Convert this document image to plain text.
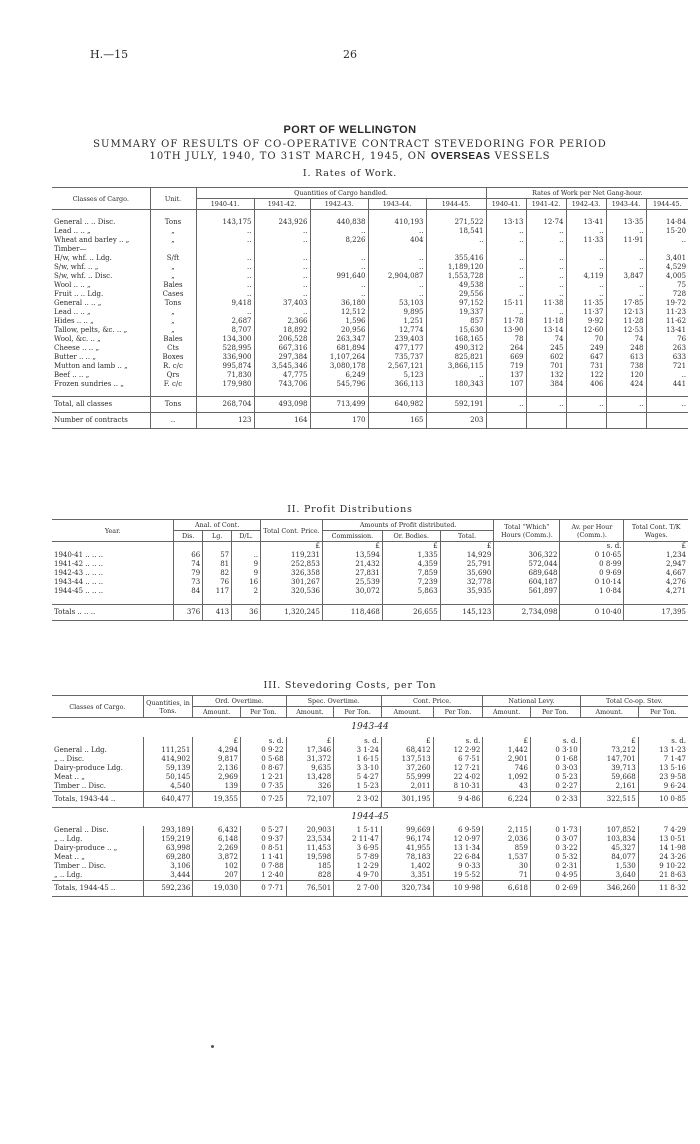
H.—15	26
PORT OF WELLINGTON
SUMMARY OF RESULTS OF CO-OPERATIVE CONTRACT STEVEDORING FOR PERIOD
10TH JULY, 1940, TO 31ST MARCH, 1945, ON OVERSEAS VESSELS
I. Rates of Work.
Classes of Cargo.	Unit.	Quantities of Cargo handled.					Rates of Work per Net Gang-hour.				
		1940-41.	1941-42.	1942-43.	1943-44.	1944-45.	1940-41.	1941-42.	1942-43.	1943-44.	1944-45.

General .. .. Disc.	Tons	143,175	243,926	440,838	410,193	271,522	13·13	12·74	13·41	13·35	14·84
Lead .. .. „	„	..	..	..	..	18,541	..	..	..	..	15·20
Wheat and barley .. „	„	..	..	8,226	404	..	..	..	11·33	11·91	..
Timber—											
H/w, whf. .. Ldg.	S/ft	..	..	..	..	355,416	..	..	..	..	3,401
S/w, whf. .. „	„	..	..	..	..	1,189,120	..	..	..	..	4,529
S/w, whf. .. Disc.	„	..	..	991,640	2,904,087	1,553,728	..	..	4,119	3,847	4,005
Wool .. .. „	Bales	..	..	..	..	49,538	..	..	..	..	75
Fruit .. .. Ldg.	Cases	..	..	..	..	29,556	..	..	..	..	728
General .. .. „	Tons	9,418	37,403	36,180	53,103	97,152	15·11	11·38	11·35	17·85	19·72
Lead .. .. „	„	..	..	12,512	9,895	19,337	..	..	11·37	12·13	11·23
Hides .. .. „	„	2,687	2,366	1,596	1,251	857	11·78	11·18	9·92	11·28	11·62
Tallow, pelts, &c. .. „	„	8,707	18,892	20,956	12,774	15,630	13·90	13·14	12·60	12·53	13·41
Wool, &c. .. „	Bales	134,300	206,528	263,347	239,403	168,165	78	74	70	74	76
Cheese .. .. „	Cts	528,995	667,316	681,894	477,177	490,312	264	245	249	248	263
Butter .. .. „	Boxes	336,900	297,384	1,107,264	735,737	825,821	669	602	647	613	633
Mutton and lamb .. „	R. c/c	995,874	3,545,346	3,080,178	2,567,121	3,866,115	719	701	731	738	721
Beef .. .. „	Qrs	71,830	47,775	6,249	5,123	..	137	132	122	120	..
Frozen sundries .. „	F. c/c	179,980	743,706	545,796	366,113	180,343	107	384	406	424	441

Total, all classes	Tons	268,704	493,098	713,499	640,982	592,191	..	..	..	..	..
Number of contracts	..	123	164	170	165	203					
II. Profit Distributions
Year.	Anal. of Cont.			Total Cont. Price.	Amounts of Profit distributed.			Total “Which” Hours (Comm.).	Av. per Hour (Comm.).	Total Cont. T/K Wages.
	Dis.	Lg.	D/L.		Commission.	Or. Bodies.	Total.			
				£	£	£	£		s. d.	£
1940-41 .. .. ..	66	57	..	119,231	13,594	1,335	14,929	306,322	0 10·65	1,234
1941-42 .. .. ..	74	81	9	252,853	21,432	4,359	25,791	572,044	0 8·99	2,947
1942-43 .. .. ..	79	82	9	326,358	27,831	7,859	35,690	689,648	0 9·69	4,667
1943-44 .. .. ..	73	76	16	301,267	25,539	7,239	32,778	604,187	0 10·14	4,276
1944-45 .. .. ..	84	117	2	320,536	30,072	5,863	35,935	561,897	1 0·84	4,271

Totals .. .. ..	376	413	36	1,320,245	118,468	26,655	145,123	2,734,098	0 10·40	17,395
III. Stevedoring Costs, per Ton
Classes of Cargo.	Quantities, in Tons.	Ord. Overtime.		Spec. Overtime.		Cont. Price.		National Levy.		Total Co-op. Stev.	
		Amount.	Per Ton.	Amount.	Per Ton.	Amount.	Per Ton.	Amount.	Per Ton.	Amount.	Per Ton.
1943-44											
		£	s. d.	£	s. d.	£	s. d.	£	s. d.	£	s. d.
General .. Ldg.	111,251	4,294	0 9·22	17,346	3 1·24	68,412	12 2·92	1,442	0 3·10	73,212	13 1·23
„ .. Disc.	414,902	9,817	0 5·68	31,372	1 6·15	137,513	6 7·51	2,901	0 1·68	147,701	7 1·47
Dairy-produce Ldg.	59,139	2,136	0 8·67	9,635	3 3·10	37,260	12 7·21	746	0 3·03	39,713	13 5·16
Meat .. „	50,145	2,969	1 2·21	13,428	5 4·27	55,999	22 4·02	1,092	0 5·23	59,668	23 9·58
Timber .. Disc.	4,540	139	0 7·35	326	1 5·23	2,011	8 10·31	43	0 2·27	2,161	9 6·24
Totals, 1943-44 ..	640,477	19,355	0 7·25	72,107	2 3·02	301,195	9 4·86	6,224	0 2·33	322,515	10 0·85
1944-45											
General .. Disc.	293,189	6,432	0 5·27	20,903	1 5·11	99,669	6 9·59	2,115	0 1·73	107,852	7 4·29
„ .. Ldg.	159,219	6,148	0 9·37	23,534	2 11·47	96,174	12 0·97	2,036	0 3·07	103,834	13 0·51
Dairy-produce .. „	63,998	2,269	0 8·51	11,453	3 6·95	41,955	13 1·34	859	0 3·22	45,327	14 1·98
Meat .. „	69,280	3,872	1 1·41	19,598	5 7·89	78,183	22 6·84	1,537	0 5·32	84,077	24 3·26
Timber .. Disc.	3,106	102	0 7·88	185	1 2·29	1,402	9 0·33	30	0 2·31	1,530	9 10·22
„ .. Ldg.	3,444	207	1 2·40	828	4 9·70	3,351	19 5·52	71	0 4·95	3,640	21 8·63
Totals, 1944-45 ..	592,236	19,030	0 7·71	76,501	2 7·00	320,734	10 9·98	6,618	0 2·69	346,260	11 8·32
